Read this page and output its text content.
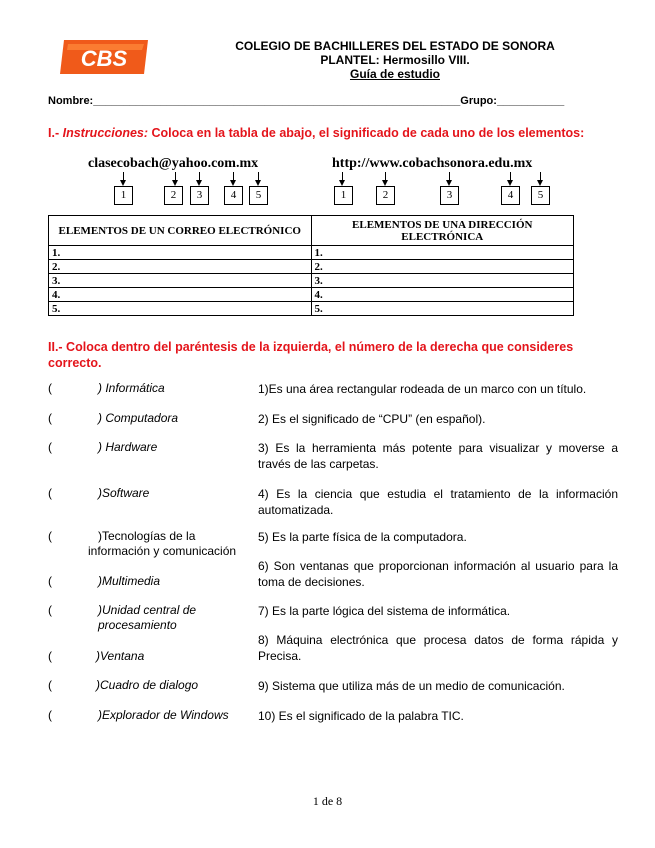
CBS	COLEGIO DE BACHILLERES DEL ESTADO DE SONORA
PLANTEL: Hermosillo VIII.
Guía de estudio
Nombre:____________________________________________________________Grupo:___________
I.- Instrucciones: Coloca en la tabla de abajo, el significado de cada uno de los elementos:
clasecobach@yahoo.com.mx	http://www.cobachsonora.edu.mx
1	2	3	4	5	1	2	3	4	5
ELEMENTOS DE UN CORREO ELECTRÓNICO	ELEMENTOS DE UNA DIRECCIÓN ELECTRÓNICA
1.	1.
2.	2.
3.	3.
4.	4.
5.	5.
II.- Coloca dentro del paréntesis de la izquierda, el número de la derecha que consideres correcto.
(	) Informática
(	) Computadora
(	) Hardware
(	)Software
(	)Tecnologías de la información y comunicación
(	)Multimedia
(	)Unidad central de procesamiento
(	)Ventana
(	)Cuadro de dialogo
(	)Explorador de Windows
1)Es una área rectangular rodeada de un marco con un título.
2) Es el significado de “CPU” (en español).
3) Es la herramienta más potente para visualizar y moverse a través de las carpetas.
4) Es la ciencia que estudia el tratamiento de la información automatizada.
5) Es la parte física de la computadora.
6) Son ventanas que proporcionan información al usuario para la toma de decisiones.
7) Es la parte lógica del sistema de informática.
8) Máquina electrónica que procesa datos de forma rápida y Precisa.
9) Sistema que utiliza más de un medio de comunicación.
10) Es el significado de la palabra TIC.
1 de 8
